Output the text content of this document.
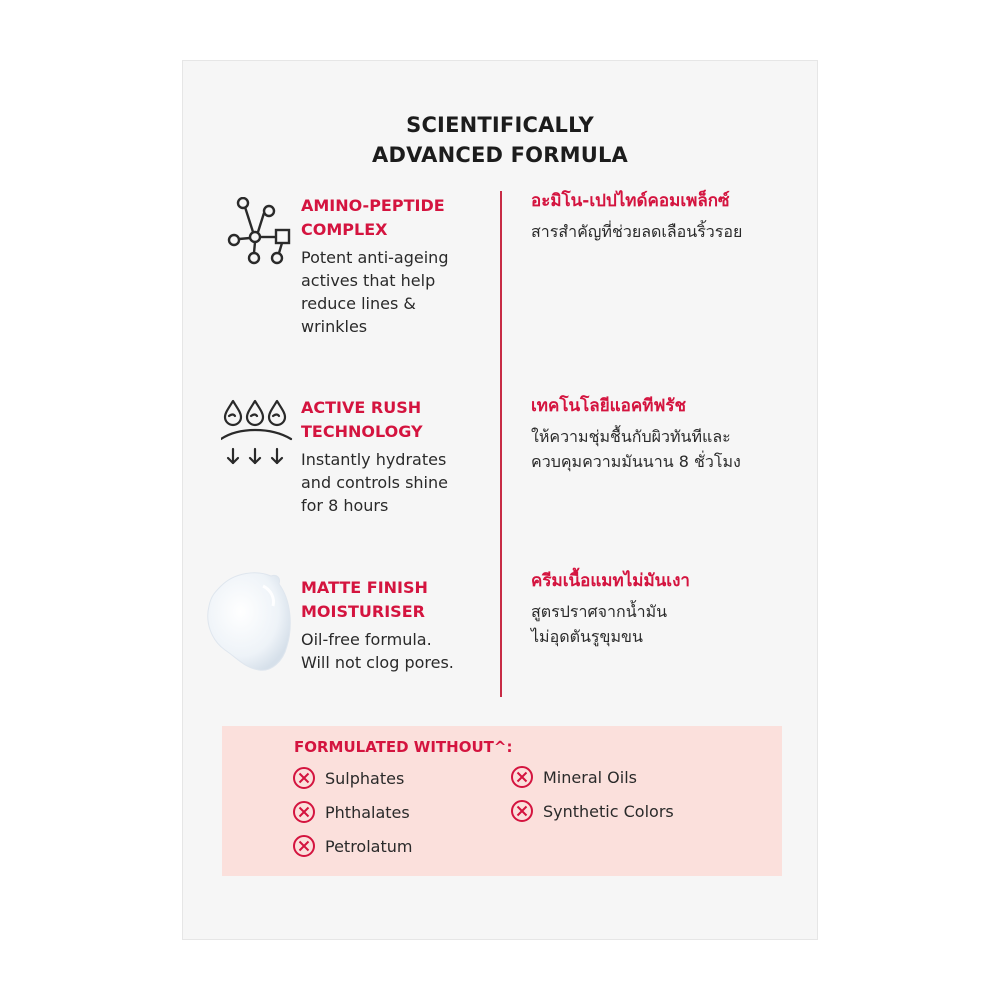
SCIENTIFICALLY
ADVANCED FORMULA
AMINO-PEPTIDE
COMPLEX
Potent anti-ageing
actives that help
reduce lines &
wrinkles
อะมิโน-เปปไทด์คอมเพล็กซ์
สารสำคัญที่ช่วยลดเลือนริ้วรอย
ACTIVE RUSH
TECHNOLOGY
Instantly hydrates
and controls shine
for 8 hours
เทคโนโลยีแอคทีฟรัช
ให้ความชุ่มชื้นกับผิวทันทีและ
ควบคุมความมันนาน 8 ชั่วโมง
MATTE FINISH
MOISTURISER
Oil-free formula.
Will not clog pores.
ครีมเนื้อแมทไม่มันเงา
สูตรปราศจากน้ำมัน
ไม่อุดตันรูขุมขน
FORMULATED WITHOUT^:
Sulphates
Phthalates
Petrolatum
Mineral Oils
Synthetic Colors
